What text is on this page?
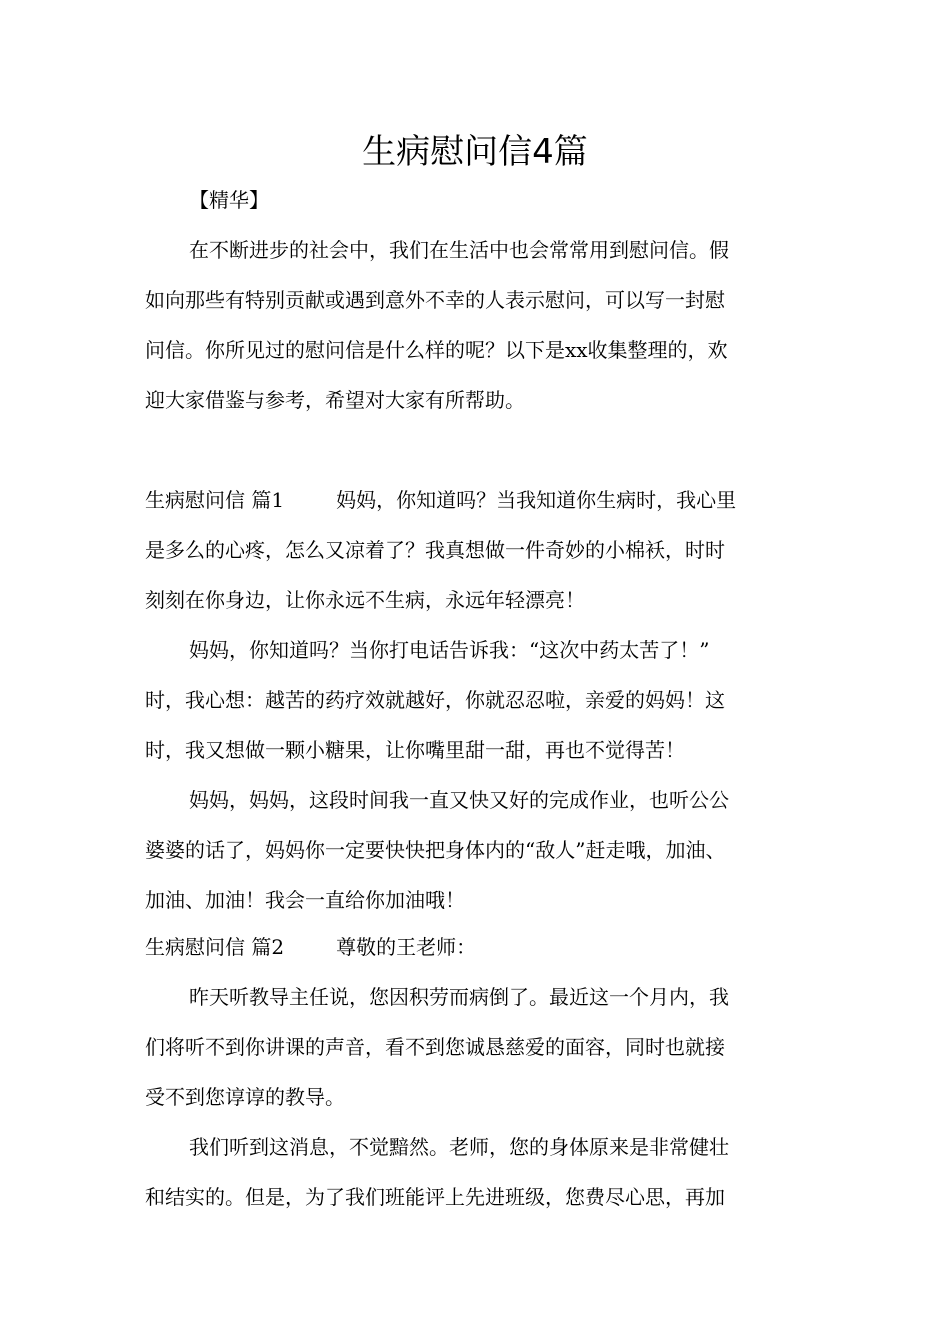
生病慰问信4篇

【精华】

在不断进步的社会中，我们在生活中也会常常用到慰问信。假

如向那些有特别贡献或遇到意外不幸的人表示慰问，可以写一封慰

问信。你所见过的慰问信是什么样的呢？以下是xx收集整理的，欢

迎大家借鉴与参考，希望对大家有所帮助。

生病慰问信 篇1	妈妈，你知道吗？当我知道你生病时，我心里

是多么的心疼，怎么又凉着了？我真想做一件奇妙的小棉袄，时时

刻刻在你身边，让你永远不生病，永远年轻漂亮！

妈妈，你知道吗？当你打电话告诉我：“这次中药太苦了！”

时，我心想：越苦的药疗效就越好，你就忍忍啦，亲爱的妈妈！这

时，我又想做一颗小糖果，让你嘴里甜一甜，再也不觉得苦！

妈妈，妈妈，这段时间我一直又快又好的完成作业，也听公公

婆婆的话了，妈妈你一定要快快把身体内的“敌人”赶走哦，加油、

加油、加油！我会一直给你加油哦！

生病慰问信 篇2	尊敬的王老师：

昨天听教导主任说，您因积劳而病倒了。最近这一个月内，我

们将听不到你讲课的声音，看不到您诚恳慈爱的面容，同时也就接

受不到您谆谆的教导。

我们听到这消息，不觉黯然。老师，您的身体原来是非常健壮

和结实的。但是，为了我们班能评上先进班级，您费尽心思，再加
